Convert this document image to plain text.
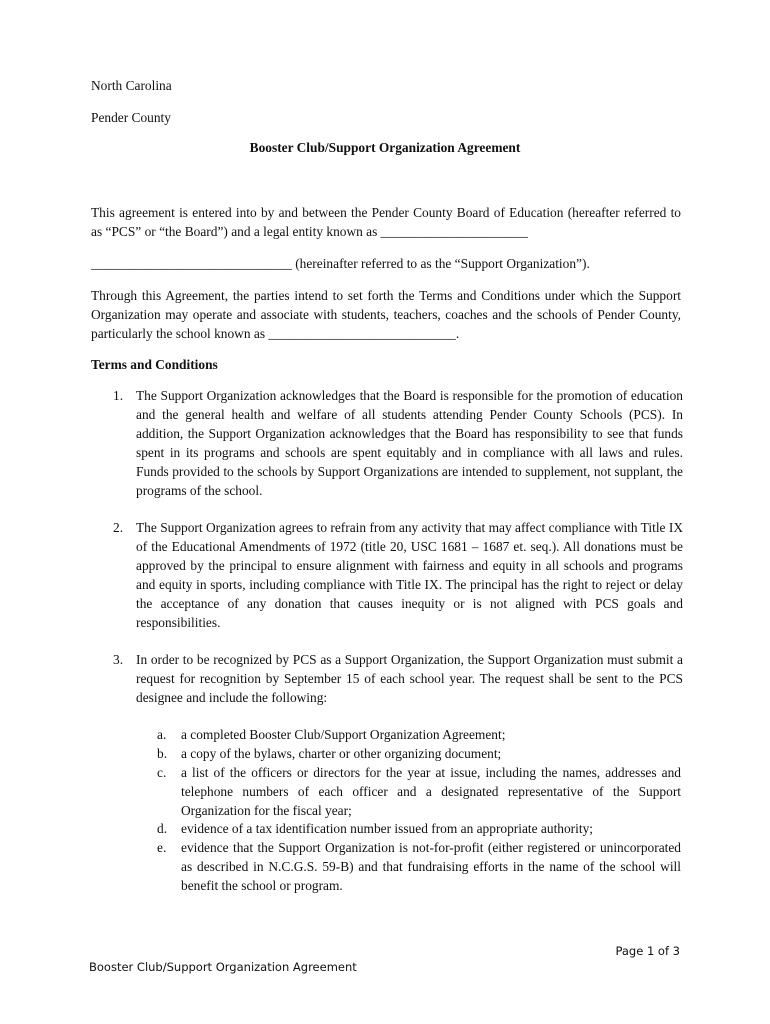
North Carolina
Pender County
Booster Club/Support Organization Agreement
This agreement is entered into by and between the Pender County Board of Education (hereafter referred to as “PCS” or “the Board”) and a legal entity known as ______________________
______________________________ (hereinafter referred to as the “Support Organization”).
Through this Agreement, the parties intend to set forth the Terms and Conditions under which the Support Organization may operate and associate with students, teachers, coaches and the schools of Pender County, particularly the school known as ____________________________.
Terms and Conditions
1. The Support Organization acknowledges that the Board is responsible for the promotion of education and the general health and welfare of all students attending Pender County Schools (PCS). In addition, the Support Organization acknowledges that the Board has responsibility to see that funds spent in its programs and schools are spent equitably and in compliance with all laws and rules. Funds provided to the schools by Support Organizations are intended to supplement, not supplant, the programs of the school.
2. The Support Organization agrees to refrain from any activity that may affect compliance with Title IX of the Educational Amendments of 1972 (title 20, USC 1681 – 1687 et. seq.). All donations must be approved by the principal to ensure alignment with fairness and equity in all schools and programs and equity in sports, including compliance with Title IX. The principal has the right to reject or delay the acceptance of any donation that causes inequity or is not aligned with PCS goals and responsibilities.
3. In order to be recognized by PCS as a Support Organization, the Support Organization must submit a request for recognition by September 15 of each school year. The request shall be sent to the PCS designee and include the following:
a. a completed Booster Club/Support Organization Agreement;
b. a copy of the bylaws, charter or other organizing document;
c. a list of the officers or directors for the year at issue, including the names, addresses and telephone numbers of each officer and a designated representative of the Support Organization for the fiscal year;
d. evidence of a tax identification number issued from an appropriate authority;
e. evidence that the Support Organization is not-for-profit (either registered or unincorporated as described in N.C.G.S. 59-B) and that fundraising efforts in the name of the school will benefit the school or program.
Page 1 of 3
Booster Club/Support Organization Agreement
